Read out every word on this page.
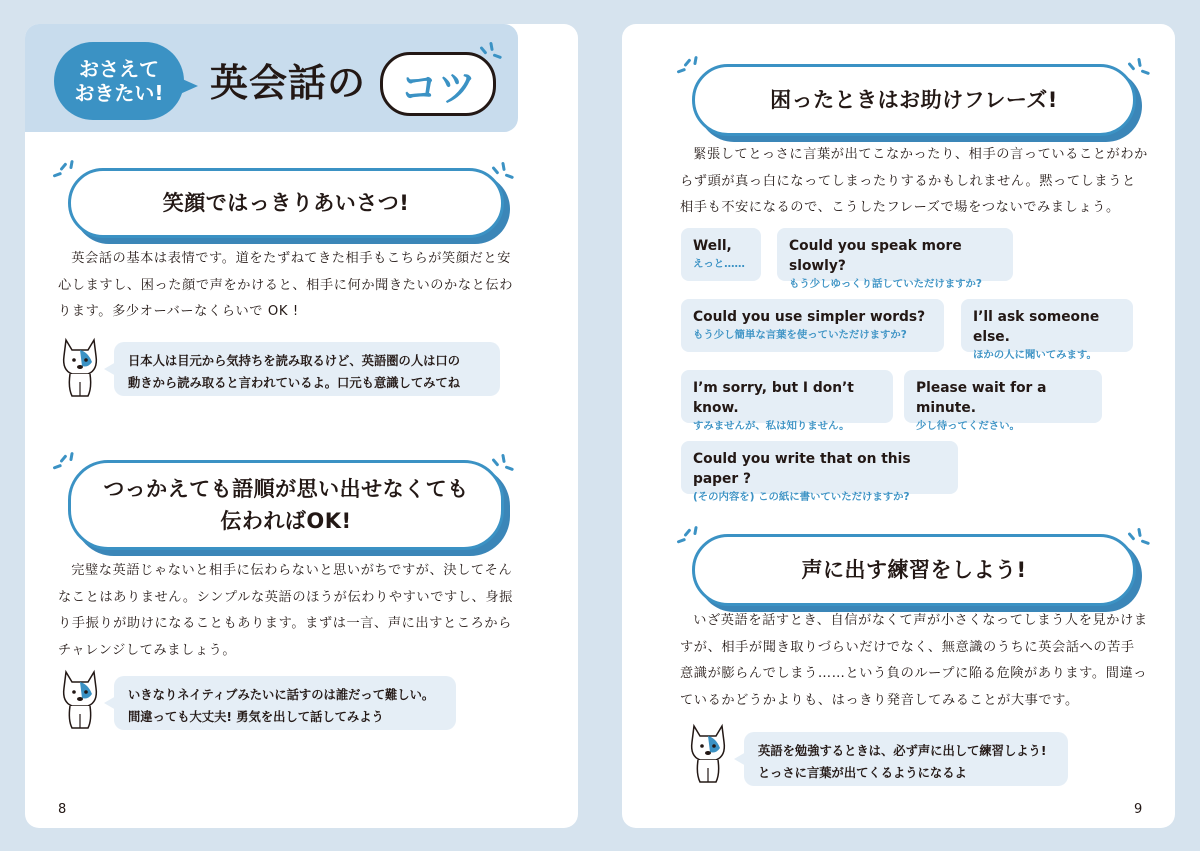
おさえて
おきたい! 英会話の コツ
笑顔ではっきりあいさつ!
英会話の基本は表情です。道をたずねてきた相手もこちらが笑顔だと安心しますし、困った顔で声をかけると、相手に何か聞きたいのかなと伝わります。多少オーバーなくらいで OK !
日本人は目元から気持ちを読み取るけど、英語圏の人は口の
動きから読み取ると言われているよ。口元も意識してみてね
つっかえても語順が思い出せなくても
伝わればOK!
完璧な英語じゃないと相手に伝わらないと思いがちですが、決してそんなことはありません。シンプルな英語のほうが伝わりやすいですし、身振り手振りが助けになることもあります。まずは一言、声に出すところからチャレンジしてみましょう。
いきなりネイティブみたいに話すのは誰だって難しい。
間違っても大丈夫! 勇気を出して話してみよう
8
困ったときはお助けフレーズ!
緊張してとっさに言葉が出てこなかったり、相手の言っていることがわからず頭が真っ白になってしまったりするかもしれません。黙ってしまうと相手も不安になるので、こうしたフレーズで場をつないでみましょう。
Well,
えっと……
Could you speak more slowly?
もう少しゆっくり話していただけますか?
Could you use simpler words?
もう少し簡単な言葉を使っていただけますか?
I’ll ask someone else.
ほかの人に聞いてみます。
I’m sorry, but I don’t know.
すみませんが、私は知りません。
Please wait for a minute.
少し待ってください。
Could you write that on this paper ?
(その内容を) この紙に書いていただけますか?
声に出す練習をしよう!
いざ英語を話すとき、自信がなくて声が小さくなってしまう人を見かけますが、相手が聞き取りづらいだけでなく、無意識のうちに英会話への苦手意識が膨らんでしまう……という負のループに陥る危険があります。間違っているかどうかよりも、はっきり発音してみることが大事です。
英語を勉強するときは、必ず声に出して練習しよう!
とっさに言葉が出てくるようになるよ
9
